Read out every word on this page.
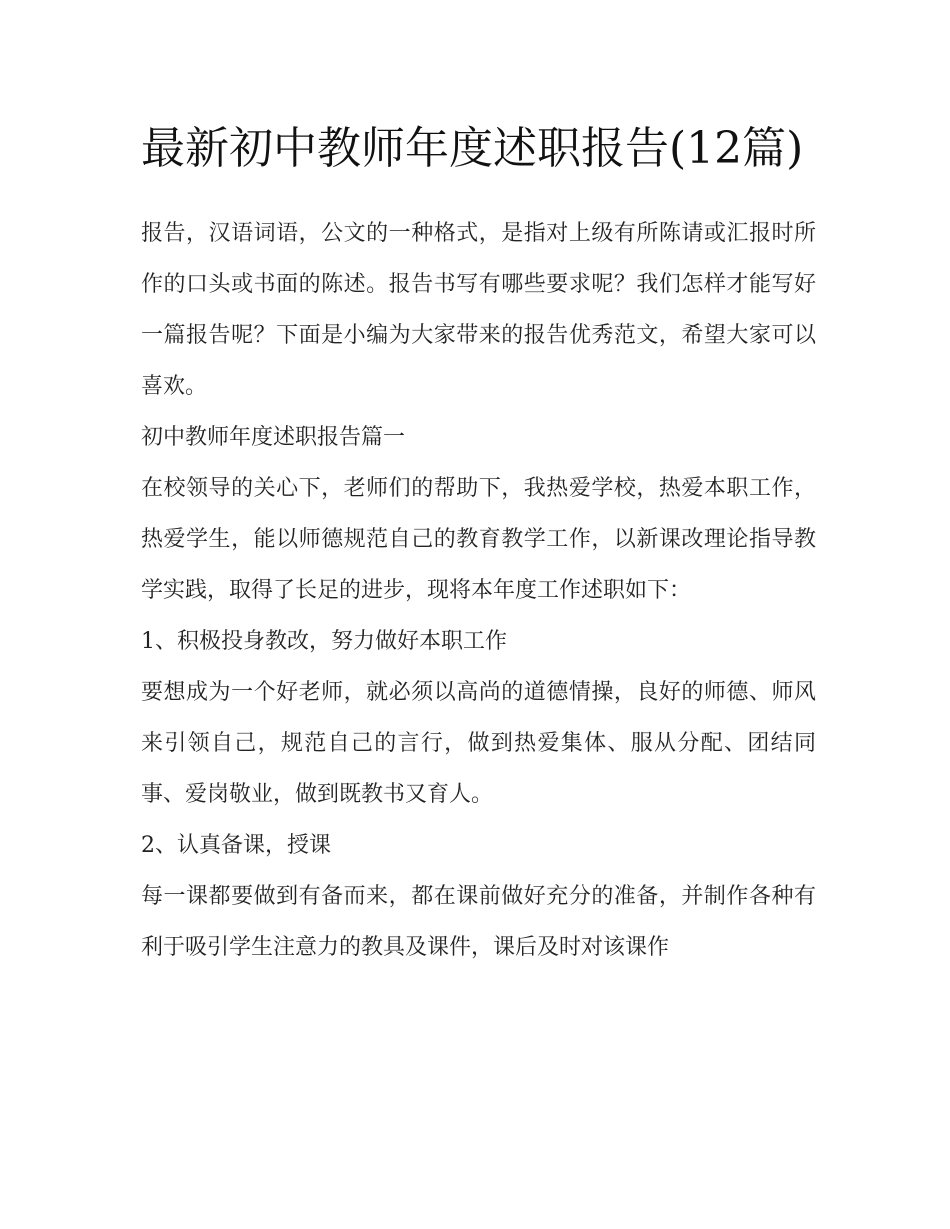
最新初中教师年度述职报告(12篇)

报告，汉语词语，公文的一种格式，是指对上级有所陈请或汇报时所作的口头或书面的陈述。报告书写有哪些要求呢？我们怎样才能写好一篇报告呢？下面是小编为大家带来的报告优秀范文，希望大家可以喜欢。

初中教师年度述职报告篇一

在校领导的关心下，老师们的帮助下，我热爱学校，热爱本职工作，热爱学生，能以师德规范自己的教育教学工作，以新课改理论指导教学实践，取得了长足的进步，现将本年度工作述职如下：

1、积极投身教改，努力做好本职工作

要想成为一个好老师，就必须以高尚的道德情操，良好的师德、师风来引领自己，规范自己的言行，做到热爱集体、服从分配、团结同事、爱岗敬业，做到既教书又育人。

2、认真备课，授课

每一课都要做到有备而来，都在课前做好充分的准备，并制作各种有利于吸引学生注意力的教具及课件，课后及时对该课作
